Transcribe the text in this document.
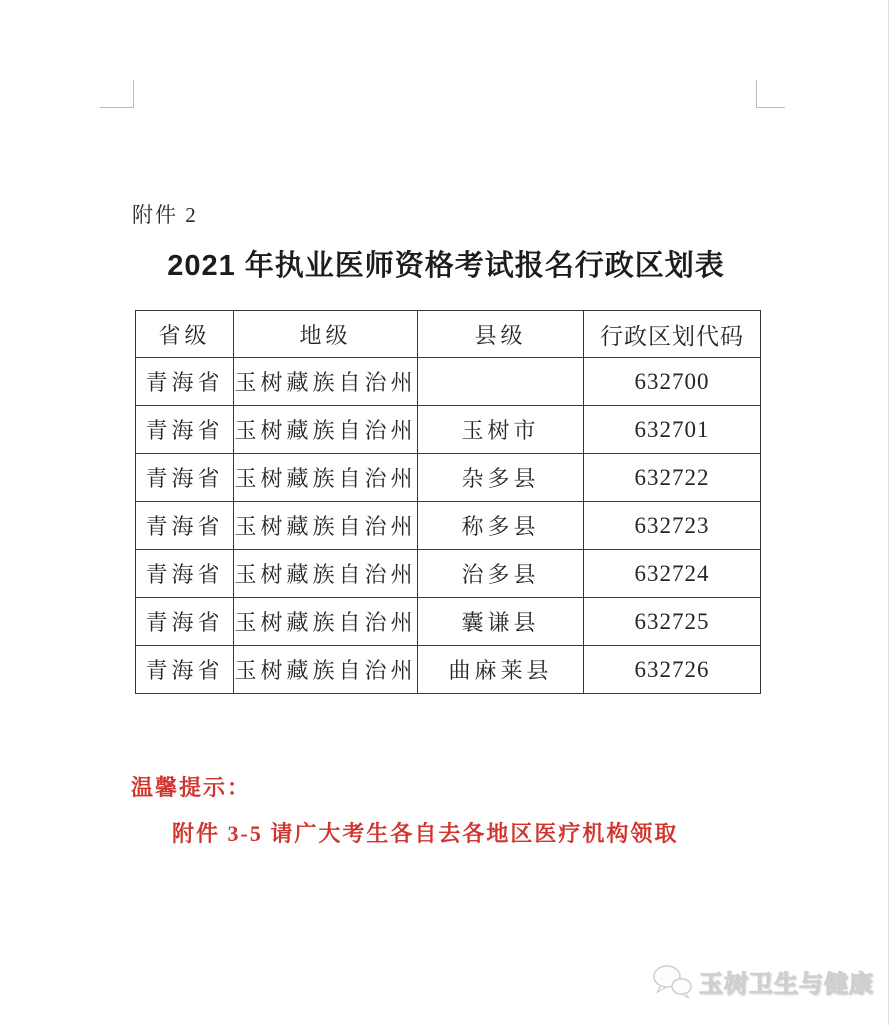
附件 2
2021 年执业医师资格考试报名行政区划表
省级	地级	县级	行政区划代码
青海省	玉树藏族自治州		632700
青海省	玉树藏族自治州	玉树市	632701
青海省	玉树藏族自治州	杂多县	632722
青海省	玉树藏族自治州	称多县	632723
青海省	玉树藏族自治州	治多县	632724
青海省	玉树藏族自治州	囊谦县	632725
青海省	玉树藏族自治州	曲麻莱县	632726
温馨提示：
附件 3-5 请广大考生各自去各地区医疗机构领取
玉树卫生与健康
